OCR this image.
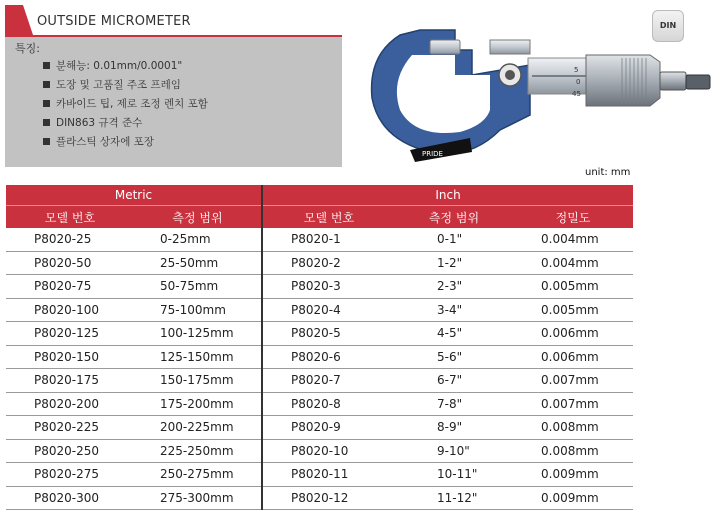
OUTSIDE MICROMETER
특징:
분해능: 0.01mm/0.0001"
도장 및 고품질 주조 프레임
카바이드 팁, 제로 조정 렌치 포함
DIN863 규격 준수
플라스틱 상자에 포장
DIN
PRIDE
5
0
45
unit: mm
Metric		Inch		
모델 번호	측정 범위	모델 번호	측정 범위	정밀도
P8020-25	0-25mm	P8020-1	0-1"	0.004mm
P8020-50	25-50mm	P8020-2	1-2"	0.004mm
P8020-75	50-75mm	P8020-3	2-3"	0.005mm
P8020-100	75-100mm	P8020-4	3-4"	0.005mm
P8020-125	100-125mm	P8020-5	4-5"	0.006mm
P8020-150	125-150mm	P8020-6	5-6"	0.006mm
P8020-175	150-175mm	P8020-7	6-7"	0.007mm
P8020-200	175-200mm	P8020-8	7-8"	0.007mm
P8020-225	200-225mm	P8020-9	8-9"	0.008mm
P8020-250	225-250mm	P8020-10	9-10"	0.008mm
P8020-275	250-275mm	P8020-11	10-11"	0.009mm
P8020-300	275-300mm	P8020-12	11-12"	0.009mm
